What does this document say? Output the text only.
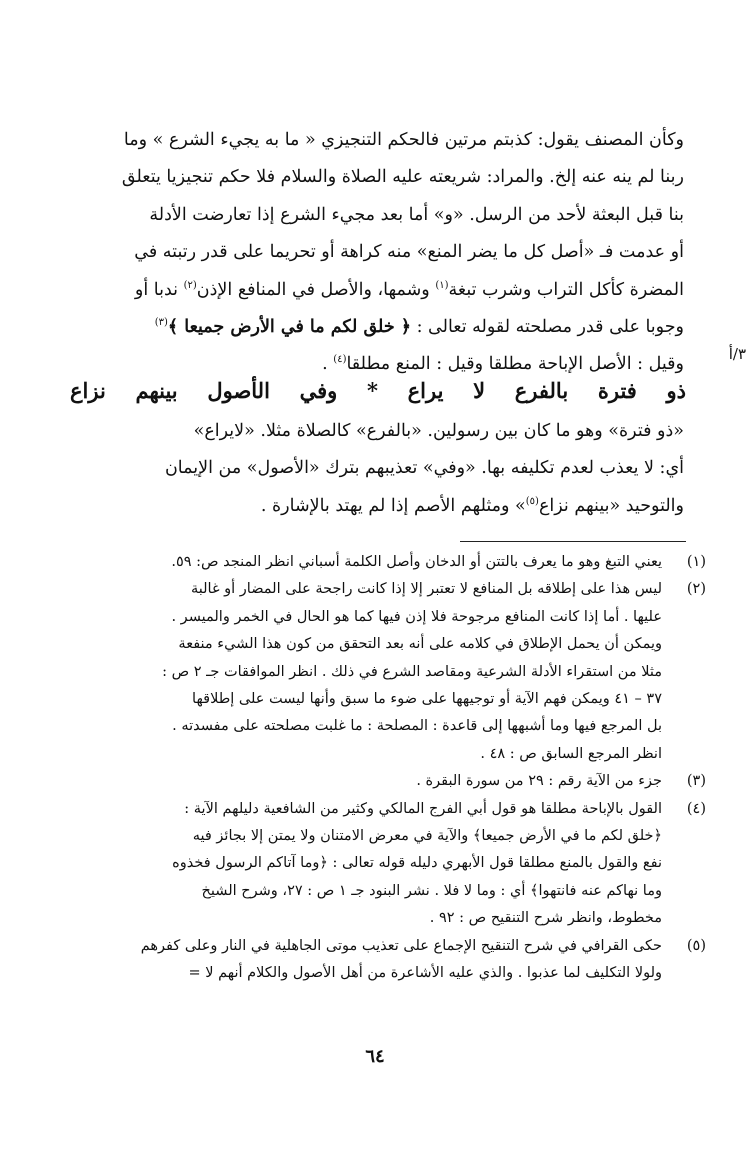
وكأن المصنف يقول: كذبتم مرتين فالحكم التنجيزي « ما به يجيء الشرع » وما

ربنا لم ينه عنه إلخ. والمراد: شريعته عليه الصلاة والسلام فلا حكم تنجيزيا يتعلق

بنا قبل البعثة لأحد من الرسل. «و» أما بعد مجيء الشرع إذا تعارضت الأدلة

أو عدمت فـ «أصل كل ما يضر المنع» منه كراهة أو تحريما على قدر رتبته في

المضرة كأكل التراب وشرب تبغة$^{(١)}$ وشمها، والأصل في المنافع الإذن$^{(٢)}$ ندبا أو

وجوبا على قدر مصلحته لقوله تعالى : ﴿ خلق لكم ما في الأرض جميعا ﴾$^{(٣)}$

وقيل : الأصل الإباحة مطلقا وقيل : المنع مطلقا$^{(٤)}$ .

٣/أ
ذو فترة بالفرع لا يراع * وفي الأصول بينهم نزاع

«ذو فترة» وهو ما كان بين رسولين. «بالفرع» كالصلاة مثلا. «لايراع»

أي: لا يعذب لعدم تكليفه بها. «وفي» تعذيبهم بترك «الأصول» من الإيمان

والتوحيد «بينهم نزاع$^{(٥)}$» ومثلهم الأصم إذا لم يهتد بالإشارة .

(١)
يعني التبغ وهو ما يعرف بالتتن أو الدخان وأصل الكلمة أسباني انظر المنجد ص: ٥٩.
(٢)
ليس هذا على إطلاقه بل المنافع لا تعتبر إلا إذا كانت راجحة على المضار أو غالبة
عليها . أما إذا كانت المنافع مرجوحة فلا إذن فيها كما هو الحال في الخمر والميسر .
ويمكن أن يحمل الإطلاق في كلامه على أنه بعد التحقق من كون هذا الشيء منفعة
مثلا من استقراء الأدلة الشرعية ومقاصد الشرع في ذلك . انظر الموافقات جـ ٢ ص :
٣٧ – ٤١ ويمكن فهم الآية أو توجيهها على ضوء ما سبق وأنها ليست على إطلاقها
بل المرجع فيها وما أشبهها إلى قاعدة : المصلحة : ما غلبت مصلحته على مفسدته .
انظر المرجع السابق ص : ٤٨ .
(٣)
جزء من الآية رقم : ٢٩ من سورة البقرة .
(٤)
القول بالإباحة مطلقا هو قول أبي الفرج المالكي وكثير من الشافعية دليلهم الآية :
﴿خلق لكم ما في الأرض جميعا﴾ والآية في معرض الامتنان ولا يمتن إلا بجائز فيه
نفع والقول بالمنع مطلقا قول الأبهري دليله قوله تعالى : ﴿وما آتاكم الرسول فخذوه
وما نهاكم عنه فانتهوا﴾ أي : وما لا فلا . نشر البنود جـ ١ ص : ٢٧، وشرح الشيخ
مخطوط، وانظر شرح التنقيح ص : ٩٢ .
(٥)
حكى القرافي في شرح التنقيح الإجماع على تعذيب موتى الجاهلية في النار وعلى كفرهم
ولولا التكليف لما عذبوا . والذي عليه الأشاعرة من أهل الأصول والكلام أنهم لا =
٦٤
